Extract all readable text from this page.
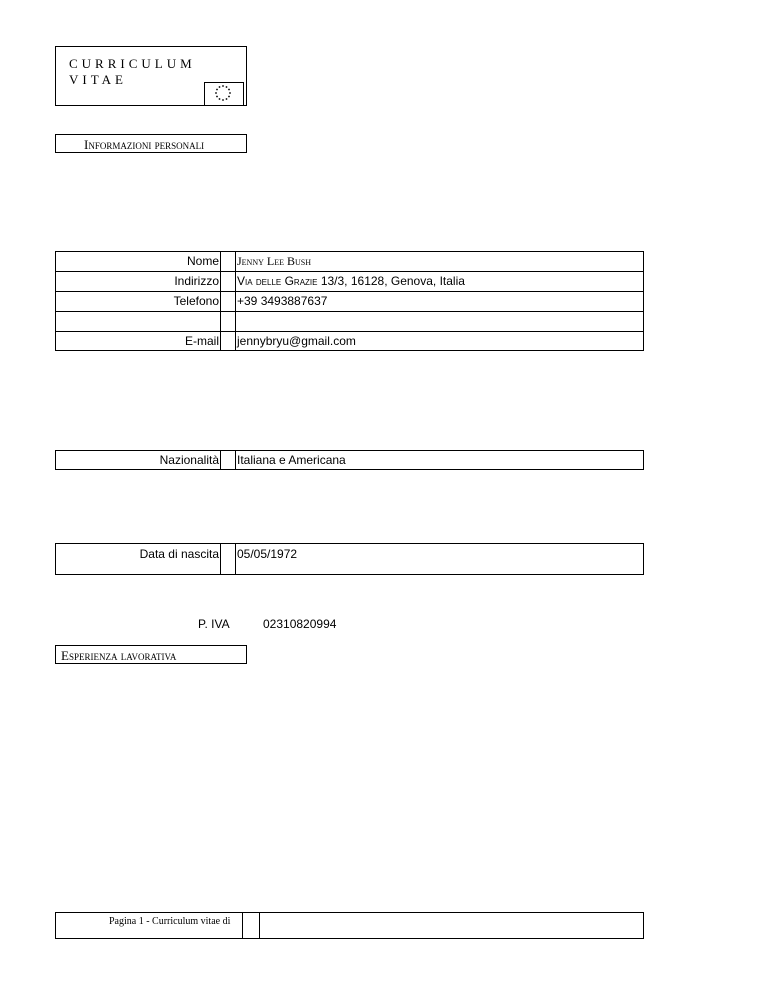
CURRICULUM VITAE
Informazioni personali
Nome Jenny Lee Bush
Indirizzo Via delle Grazie 13/3, 16128, Genova, Italia
Telefono +39 3493887637
E-mail jennybryu@gmail.com
Nazionalità Italiana e Americana
Data di nascita 05/05/1972
P. IVA	02310820994
Esperienza lavorativa
Pagina 1 - Curriculum vitae di
